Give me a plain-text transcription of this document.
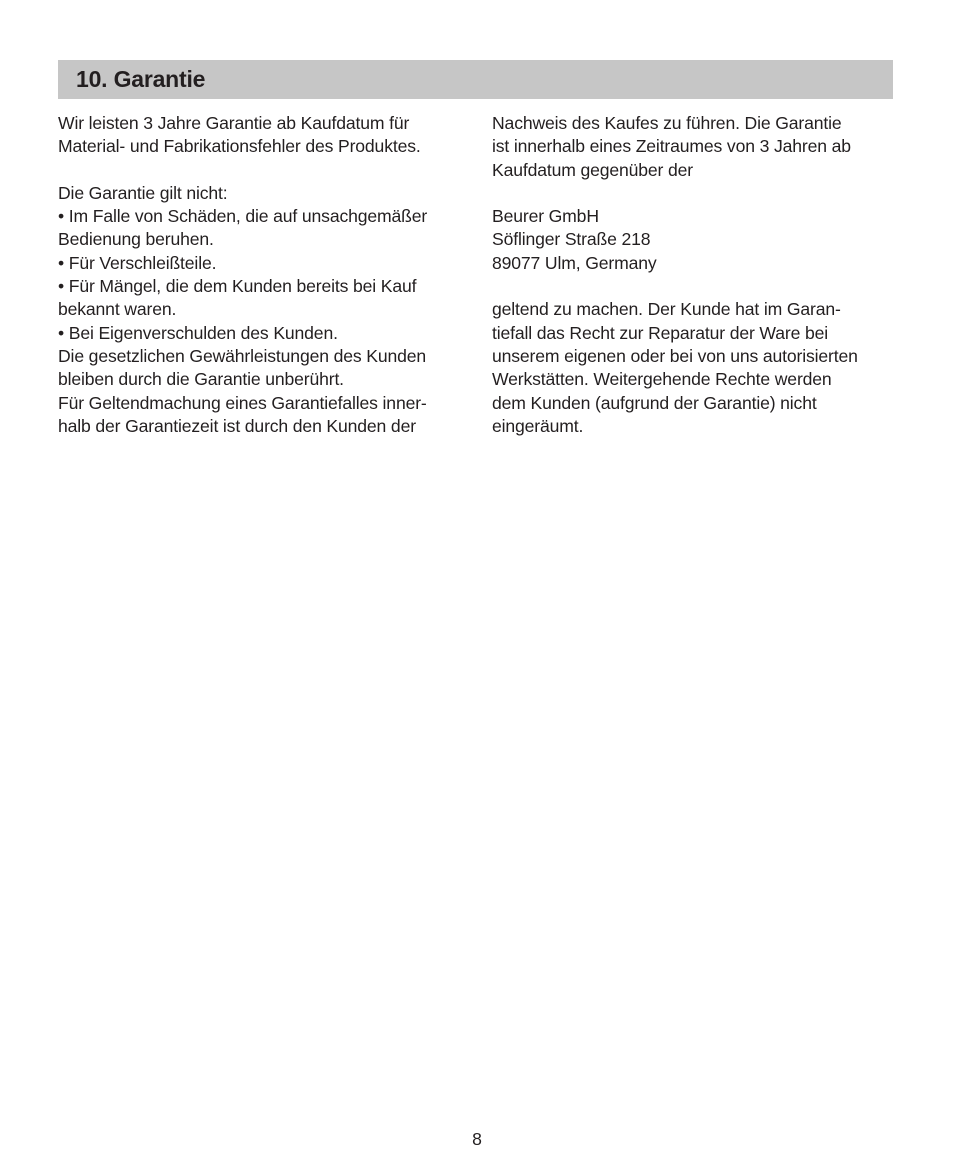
10. Garantie
Wir leisten 3 Jahre Garantie ab Kaufdatum für
Material- und Fabrikationsfehler des Produktes.
Die Garantie gilt nicht:
• Im Falle von Schäden, die auf unsachgemäßer
Bedienung beruhen.
• Für Verschleißteile.
• Für Mängel, die dem Kunden bereits bei Kauf
bekannt waren.
• Bei Eigenverschulden des Kunden.
Die gesetzlichen Gewährleistungen des Kunden
bleiben durch die Garantie unberührt.
Für Geltendmachung eines Garantiefalles inner-
halb der Garantiezeit ist durch den Kunden der
Nachweis des Kaufes zu führen. Die Garantie
ist innerhalb eines Zeitraumes von 3 Jahren ab
Kaufdatum gegenüber der
Beurer GmbH
Söflinger Straße 218
89077 Ulm, Germany
geltend zu machen. Der Kunde hat im Garan-
tiefall das Recht zur Reparatur der Ware bei
unserem eigenen oder bei von uns autorisierten
Werkstätten. Weitergehende Rechte werden
dem Kunden (aufgrund der Garantie) nicht
eingeräumt.
8
